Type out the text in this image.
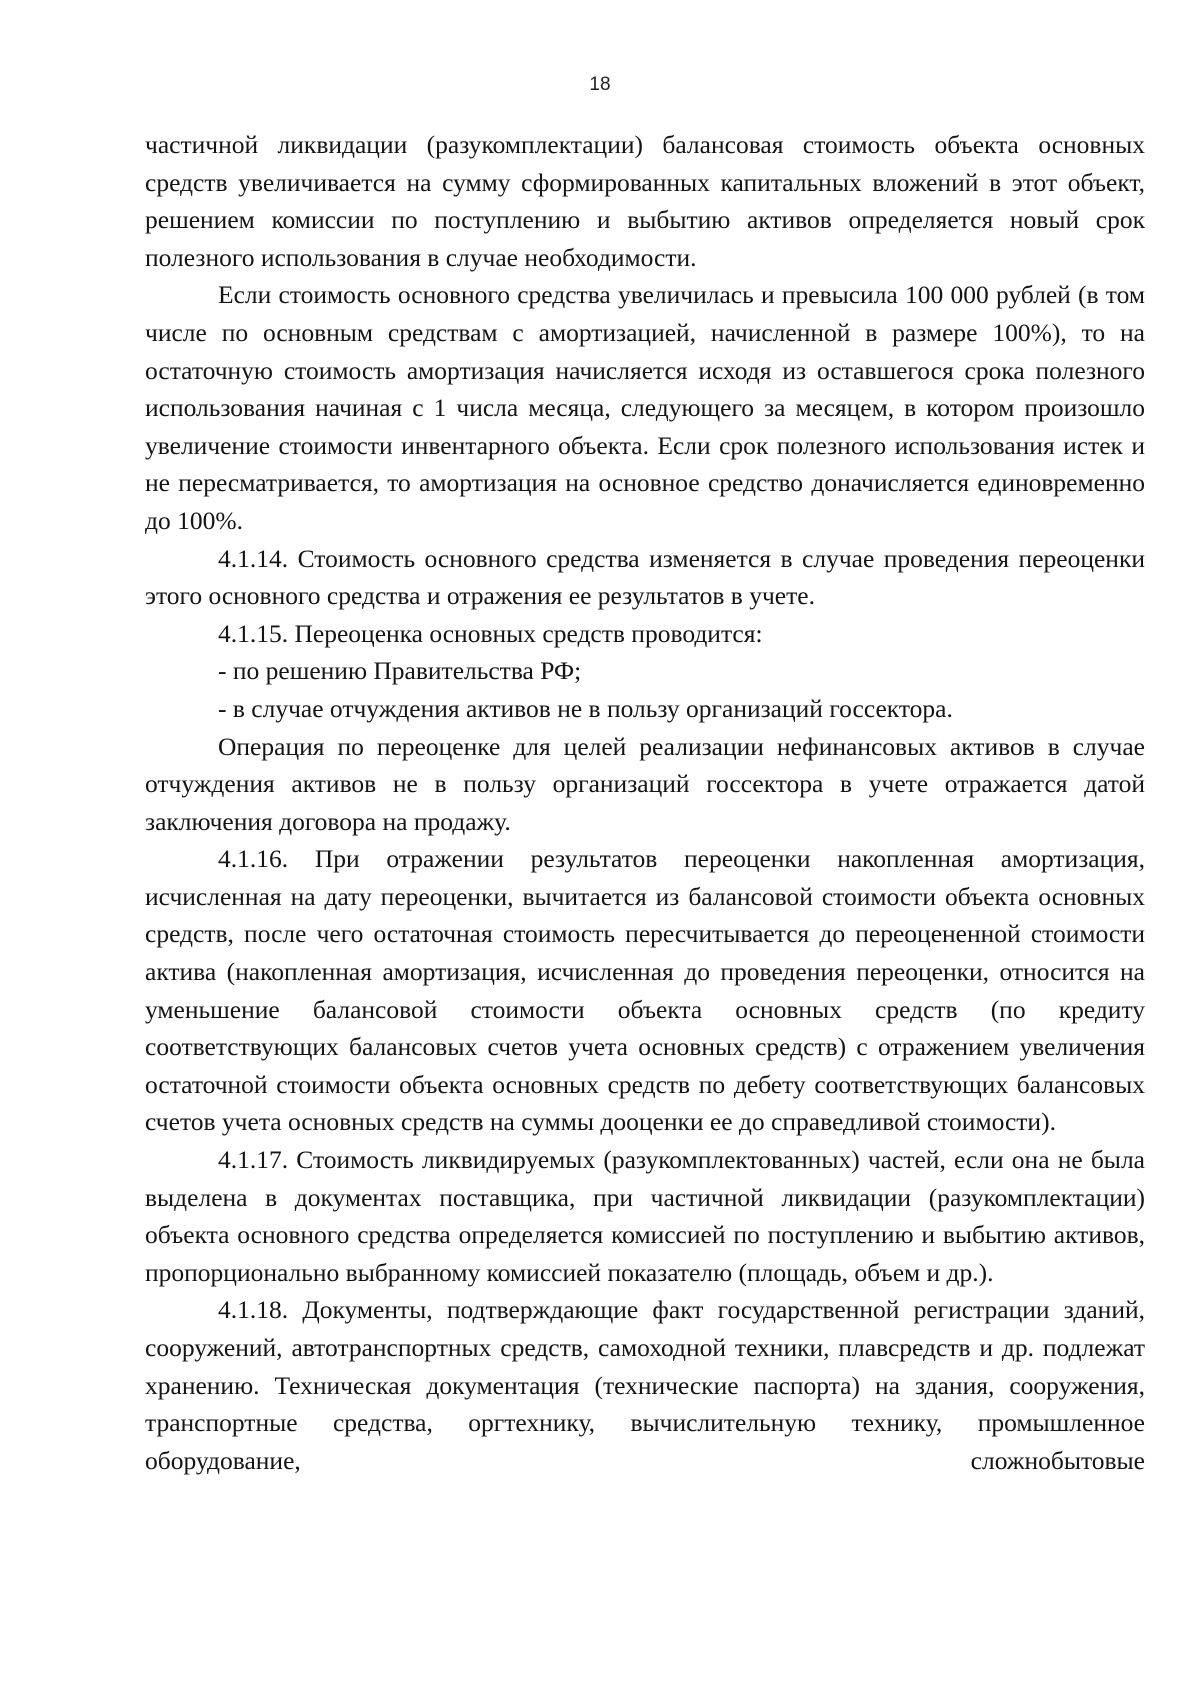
18

частичной ликвидации (разукомплектации) балансовая стоимость объекта основных средств увеличивается на сумму сформированных капитальных вложений в этот объект, решением комиссии по поступлению и выбытию активов определяется новый срок полезного использования в случае необходимости.

Если стоимость основного средства увеличилась и превысила 100 000 рублей (в том числе по основным средствам с амортизацией, начисленной в размере 100%), то на остаточную стоимость амортизация начисляется исходя из оставшегося срока полезного использования начиная с 1 числа месяца, следующего за месяцем, в котором произошло увеличение стоимости инвентарного объекта. Если срок полезного использования истек и не пересматривается, то амортизация на основное средство доначисляется единовременно до 100%.

4.1.14. Стоимость основного средства изменяется в случае проведения переоценки этого основного средства и отражения ее результатов в учете.

4.1.15. Переоценка основных средств проводится:

- по решению Правительства РФ;

- в случае отчуждения активов не в пользу организаций госсектора.

Операция по переоценке для целей реализации нефинансовых активов в случае отчуждения активов не в пользу организаций госсектора в учете отражается датой заключения договора на продажу.

4.1.16. При отражении результатов переоценки накопленная амортизация, исчисленная на дату переоценки, вычитается из балансовой стоимости объекта основных средств, после чего остаточная стоимость пересчитывается до переоцененной стоимости актива (накопленная амортизация, исчисленная до проведения переоценки, относится на уменьшение балансовой стоимости объекта основных средств (по кредиту соответствующих балансовых счетов учета основных средств) с отражением увеличения остаточной стоимости объекта основных средств по дебету соответствующих балансовых счетов учета основных средств на суммы дооценки ее до справедливой стоимости).

4.1.17. Стоимость ликвидируемых (разукомплектованных) частей, если она не была выделена в документах поставщика, при частичной ликвидации (разукомплектации) объекта основного средства определяется комиссией по поступлению и выбытию активов, пропорционально выбранному комиссией показателю (площадь, объем и др.).

4.1.18. Документы, подтверждающие факт государственной регистрации зданий, сооружений, автотранспортных средств, самоходной техники, плавсредств и др. подлежат хранению. Техническая документация (технические паспорта) на здания, сооружения, транспортные средства, оргтехнику, вычислительную технику, промышленное оборудование, сложнобытовые
